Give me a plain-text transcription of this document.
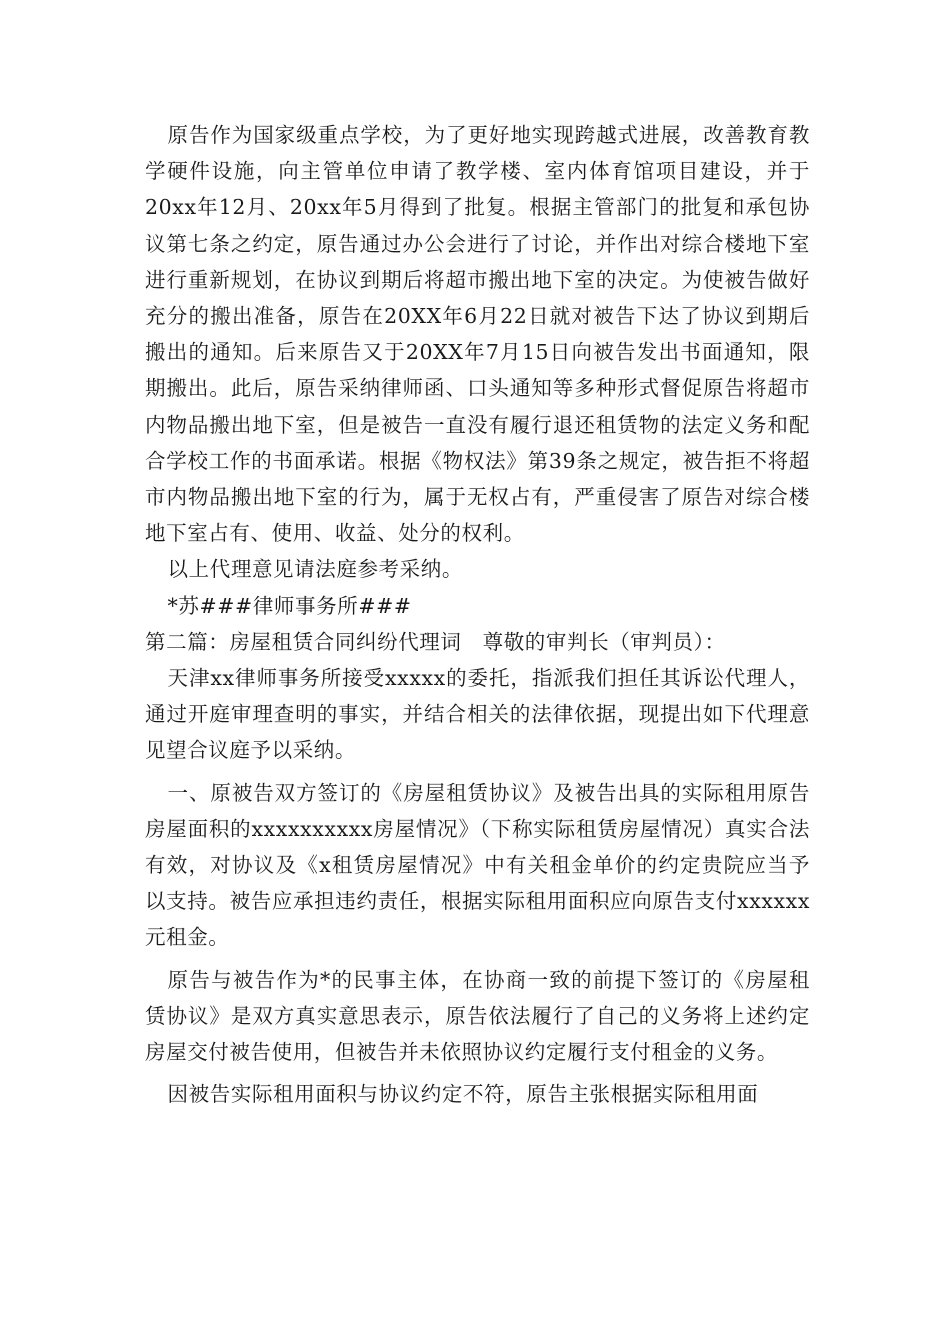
原告作为国家级重点学校，为了更好地实现跨越式进展，改善教育教学硬件设施，向主管单位申请了教学楼、室内体育馆项目建设，并于20xx年12月、20xx年5月得到了批复。根据主管部门的批复和承包协议第七条之约定，原告通过办公会进行了讨论，并作出对综合楼地下室进行重新规划，在协议到期后将超市搬出地下室的决定。为使被告做好充分的搬出准备，原告在20XX年6月22日就对被告下达了协议到期后搬出的通知。后来原告又于20XX年7月15日向被告发出书面通知，限期搬出。此后，原告采纳律师函、口头通知等多种形式督促原告将超市内物品搬出地下室，但是被告一直没有履行退还租赁物的法定义务和配合学校工作的书面承诺。根据《物权法》第39条之规定，被告拒不将超市内物品搬出地下室的行为，属于无权占有，严重侵害了原告对综合楼地下室占有、使用、收益、处分的权利。

以上代理意见请法庭参考采纳。

*苏###律师事务所###

第二篇：房屋租赁合同纠纷代理词　尊敬的审判长（审判员）：

天津xx律师事务所接受xxxxx的委托，指派我们担任其诉讼代理人，通过开庭审理查明的事实，并结合相关的法律依据，现提出如下代理意见望合议庭予以采纳。

一、原被告双方签订的《房屋租赁协议》及被告出具的实际租用原告房屋面积的xxxxxxxxxx房屋情况》（下称实际租赁房屋情况）真实合法有效，对协议及《x租赁房屋情况》中有关租金单价的约定贵院应当予以支持。被告应承担违约责任，根据实际租用面积应向原告支付xxxxxx元租金。

原告与被告作为*的民事主体，在协商一致的前提下签订的《房屋租赁协议》是双方真实意思表示，原告依法履行了自己的义务将上述约定房屋交付被告使用，但被告并未依照协议约定履行支付租金的义务。

因被告实际租用面积与协议约定不符，原告主张根据实际租用面
